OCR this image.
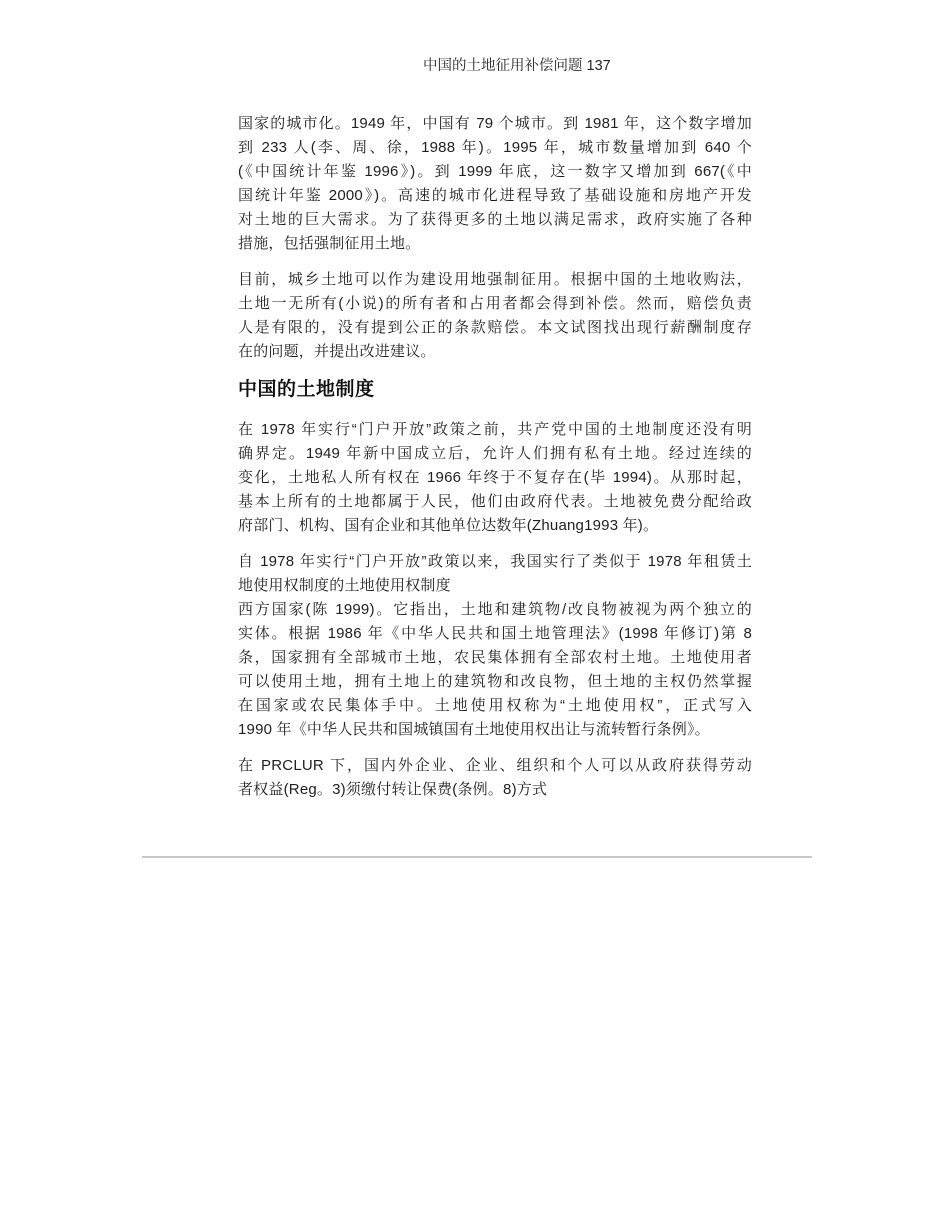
中国的土地征用补偿问题 137
国家的城市化。1949 年，中国有 79 个城市。到 1981 年，这个数字增加
到 233 人(李、周、徐，1988 年)。1995 年，城市数量增加到 640 个
(《中国统计年鉴 1996》)。到 1999 年底，这一数字又增加到 667(《中
国统计年鉴 2000》)。高速的城市化进程导致了基础设施和房地产开发
对土地的巨大需求。为了获得更多的土地以满足需求，政府实施了各种
措施，包括强制征用土地。
目前，城乡土地可以作为建设用地强制征用。根据中国的土地收购法，
土地一无所有(小说)的所有者和占用者都会得到补偿。然而，赔偿负责
人是有限的，没有提到公正的条款赔偿。本文试图找出现行薪酬制度存
在的问题，并提出改进建议。
中国的土地制度
在 1978 年实行“门户开放”政策之前，共产党中国的土地制度还没有明
确界定。1949 年新中国成立后，允许人们拥有私有土地。经过连续的
变化，土地私人所有权在 1966 年终于不复存在(毕 1994)。从那时起，
基本上所有的土地都属于人民，他们由政府代表。土地被免费分配给政
府部门、机构、国有企业和其他单位达数年(Zhuang1993 年)。
自 1978 年实行“门户开放”政策以来，我国实行了类似于 1978 年租赁土
地使用权制度的土地使用权制度
西方国家(陈 1999)。它指出，土地和建筑物/改良物被视为两个独立的
实体。根据 1986 年《中华人民共和国土地管理法》(1998 年修订)第 8
条，国家拥有全部城市土地，农民集体拥有全部农村土地。土地使用者
可以使用土地，拥有土地上的建筑物和改良物，但土地的主权仍然掌握
在国家或农民集体手中。土地使用权称为“土地使用权”，正式写入
1990 年《中华人民共和国城镇国有土地使用权出让与流转暂行条例》。
在 PRCLUR 下，国内外企业、企业、组织和个人可以从政府获得劳动
者权益(Reg。3)须缴付转让保费(条例。8)方式
